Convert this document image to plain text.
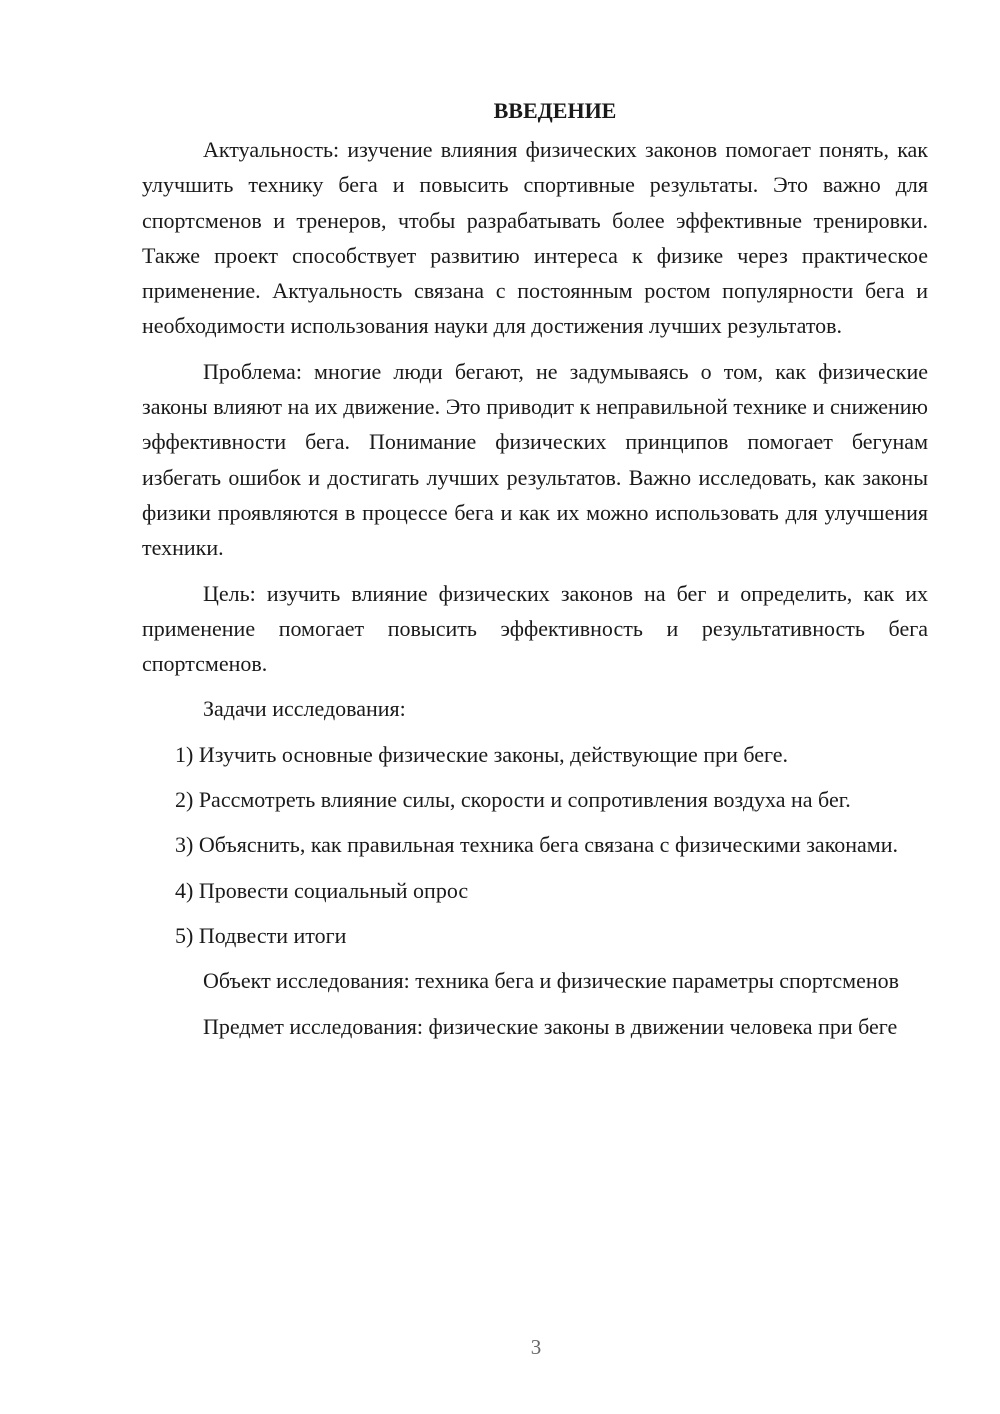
ВВЕДЕНИЕ

Актуальность: изучение влияния физических законов помогает понять, как улучшить технику бега и повысить спортивные результаты. Это важно для спортсменов и тренеров, чтобы разрабатывать более эффективные тренировки. Также проект способствует развитию интереса к физике через практическое применение. Актуальность связана с постоянным ростом популярности бега и необходимости использования науки для достижения лучших результатов.

Проблема: многие люди бегают, не задумываясь о том, как физические законы влияют на их движение. Это приводит к неправильной технике и снижению эффективности бега. Понимание физических принципов помогает бегунам избегать ошибок и достигать лучших результатов. Важно исследовать, как законы физики проявляются в процессе бега и как их можно использовать для улучшения техники.

Цель: изучить влияние физических законов на бег и определить, как их применение помогает повысить эффективность и результативность бега спортсменов.

Задачи исследования:

1) Изучить основные физические законы, действующие при беге.

2) Рассмотреть влияние силы, скорости и сопротивления воздуха на бег.

3) Объяснить, как правильная техника бега связана с физическими законами.

4) Провести социальный опрос

5) Подвести итоги

Объект исследования: техника бега и физические параметры спортсменов

Предмет исследования: физические законы в движении человека при беге

3
